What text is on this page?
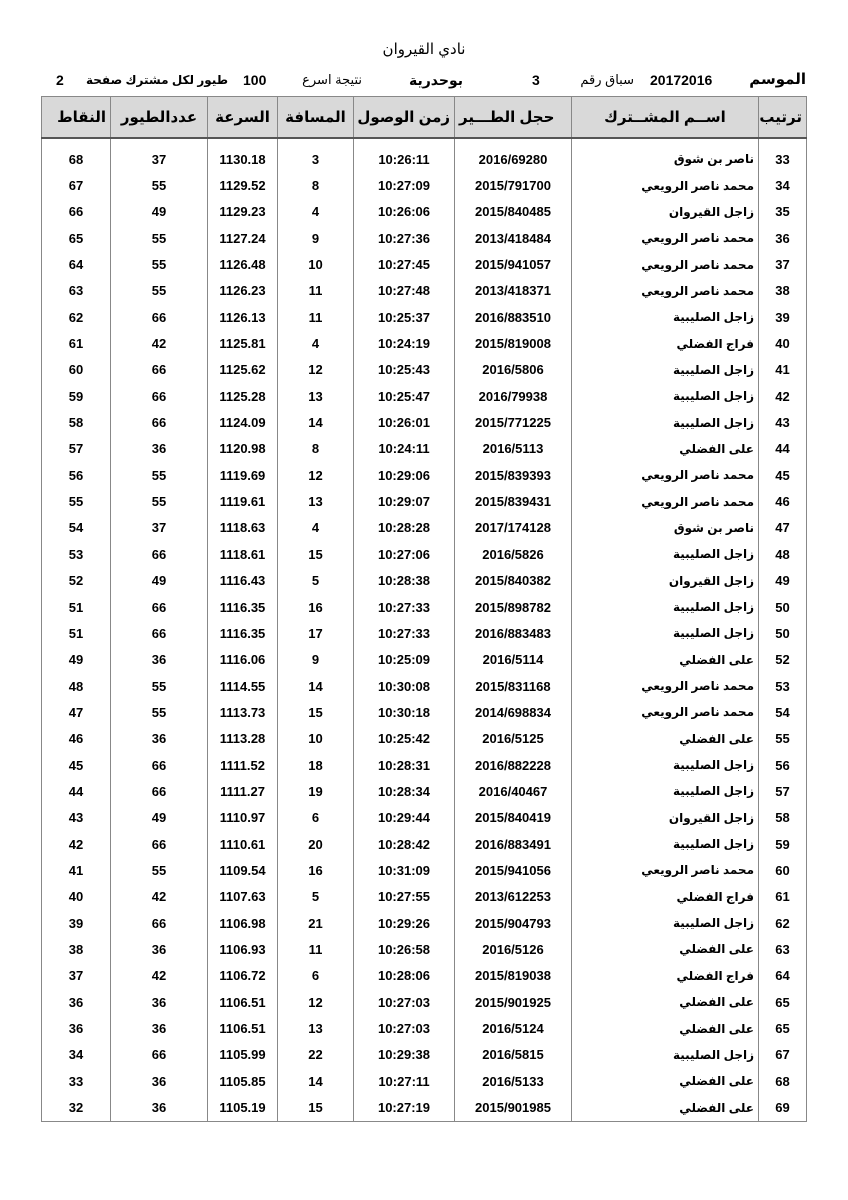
نادي القيروان
الموسم
20172016
سباق رقم
3
بوحدرية
نتيجة اسرع
100
طيور لكل مشترك صفحة
2
ترتيب	اســم المشــترك	حجل الطـــير	زمن الوصول	المسافة	السرعة	عددالطيور	النقاط

33	ناصر بن شوق	2016/69280	10:26:11	3	1130.18	37	68
34	محمد ناصر الرويعي	2015/791700	10:27:09	8	1129.52	55	67
35	زاجل القيروان	2015/840485	10:26:06	4	1129.23	49	66
36	محمد ناصر الرويعي	2013/418484	10:27:36	9	1127.24	55	65
37	محمد ناصر الرويعي	2015/941057	10:27:45	10	1126.48	55	64
38	محمد ناصر الرويعي	2013/418371	10:27:48	11	1126.23	55	63
39	زاجل الصليبية	2016/883510	10:25:37	11	1126.13	66	62
40	فراج الفضلي	2015/819008	10:24:19	4	1125.81	42	61
41	زاجل الصليبية	2016/5806	10:25:43	12	1125.62	66	60
42	زاجل الصليبية	2016/79938	10:25:47	13	1125.28	66	59
43	زاجل الصليبية	2015/771225	10:26:01	14	1124.09	66	58
44	على الفضلي	2016/5113	10:24:11	8	1120.98	36	57
45	محمد ناصر الرويعي	2015/839393	10:29:06	12	1119.69	55	56
46	محمد ناصر الرويعي	2015/839431	10:29:07	13	1119.61	55	55
47	ناصر بن شوق	2017/174128	10:28:28	4	1118.63	37	54
48	زاجل الصليبية	2016/5826	10:27:06	15	1118.61	66	53
49	زاجل القيروان	2015/840382	10:28:38	5	1116.43	49	52
50	زاجل الصليبية	2015/898782	10:27:33	16	1116.35	66	51
50	زاجل الصليبية	2016/883483	10:27:33	17	1116.35	66	51
52	على الفضلي	2016/5114	10:25:09	9	1116.06	36	49
53	محمد ناصر الرويعي	2015/831168	10:30:08	14	1114.55	55	48
54	محمد ناصر الرويعي	2014/698834	10:30:18	15	1113.73	55	47
55	على الفضلي	2016/5125	10:25:42	10	1113.28	36	46
56	زاجل الصليبية	2016/882228	10:28:31	18	1111.52	66	45
57	زاجل الصليبية	2016/40467	10:28:34	19	1111.27	66	44
58	زاجل القيروان	2015/840419	10:29:44	6	1110.97	49	43
59	زاجل الصليبية	2016/883491	10:28:42	20	1110.61	66	42
60	محمد ناصر الرويعي	2015/941056	10:31:09	16	1109.54	55	41
61	فراج الفضلي	2013/612253	10:27:55	5	1107.63	42	40
62	زاجل الصليبية	2015/904793	10:29:26	21	1106.98	66	39
63	على الفضلي	2016/5126	10:26:58	11	1106.93	36	38
64	فراج الفضلي	2015/819038	10:28:06	6	1106.72	42	37
65	على الفضلي	2015/901925	10:27:03	12	1106.51	36	36
65	على الفضلي	2016/5124	10:27:03	13	1106.51	36	36
67	زاجل الصليبية	2016/5815	10:29:38	22	1105.99	66	34
68	على الفضلي	2016/5133	10:27:11	14	1105.85	36	33
69	على الفضلي	2015/901985	10:27:19	15	1105.19	36	32
